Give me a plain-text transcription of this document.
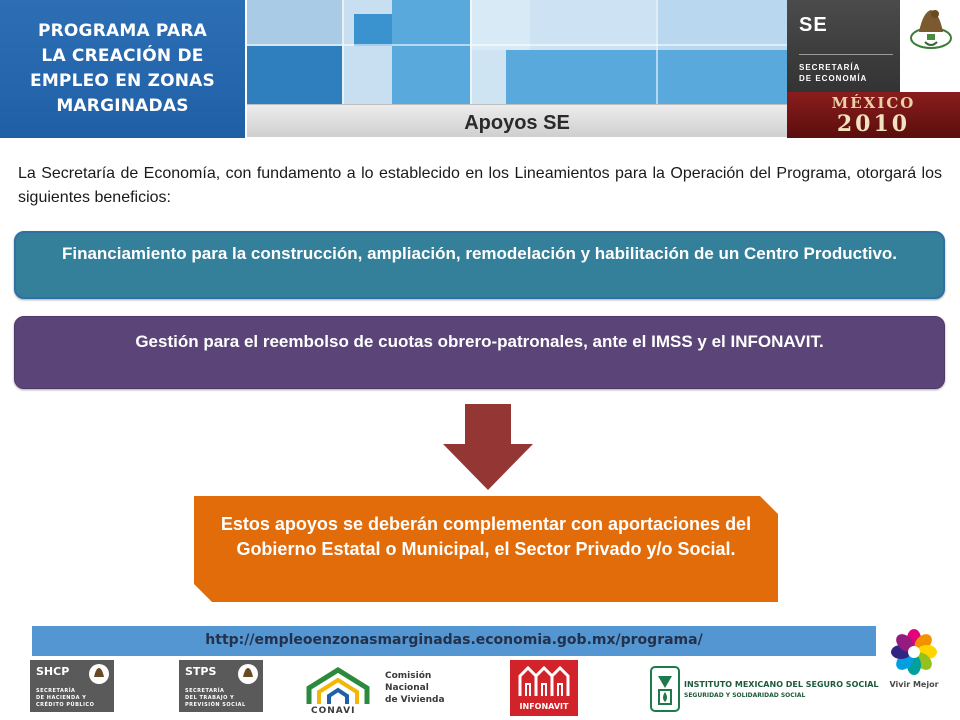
PROGRAMA PARA
LA CREACIÓN DE
EMPLEO EN ZONAS
MARGINADAS
Apoyos SE
SE
SECRETARÍA
DE ECONOMÍA
MÉXICO
2010

La Secretaría de Economía, con fundamento a lo establecido en los Lineamientos para la Operación del Programa, otorgará los siguientes beneficios:

Financiamiento para la construcción, ampliación, remodelación y habilitación de un Centro Productivo.
Gestión para el reembolso de cuotas obrero-patronales, ante el IMSS y el INFONAVIT.
Estos apoyos se deberán complementar con aportaciones del Gobierno Estatal o Municipal, el Sector Privado y/o Social.
http://empleoenzonasmarginadas.economia.gob.mx/programa/
SHCP
SECRETARÍA
DE HACIENDA Y
CRÉDITO PÚBLICO
STPS
SECRETARÍA
DEL TRABAJO Y
PREVISIÓN SOCIAL
CONAVI
Comisión
Nacional
de Vivienda
INFONAVIT
INSTITUTO MEXICANO DEL SEGURO SOCIAL
SEGURIDAD Y SOLIDARIDAD SOCIAL
Vivir Mejor
